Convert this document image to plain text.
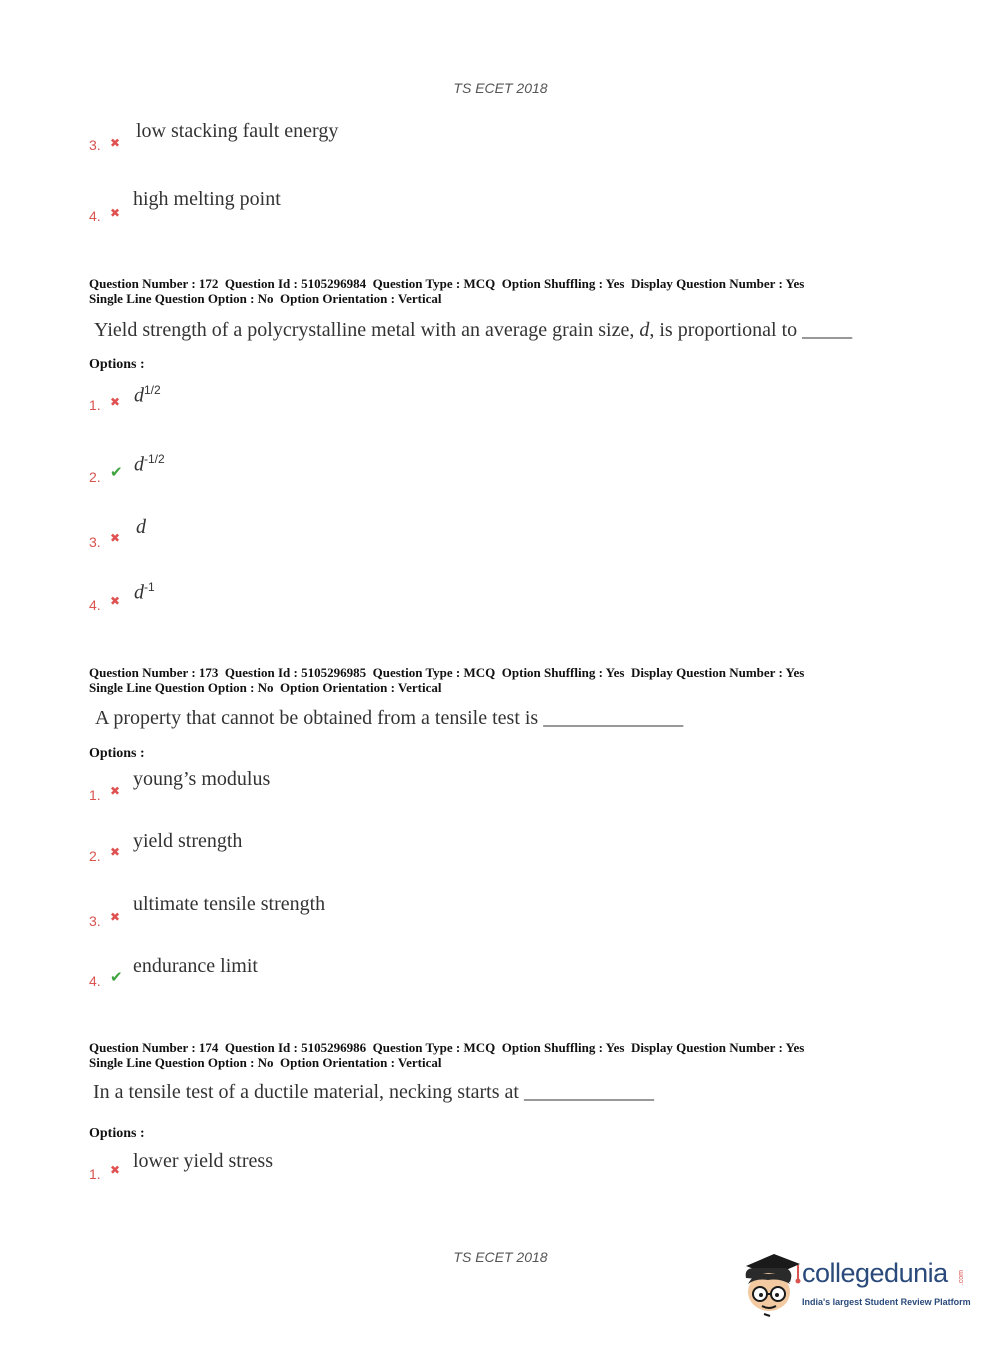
TS ECET 2018
3. ✖
low stacking fault energy
4. ✖
high melting point
Question Number : 172  Question Id : 5105296984  Question Type : MCQ  Option Shuffling : Yes  Display Question Number : Yes
Single Line Question Option : No  Option Orientation : Vertical
Yield strength of a polycrystalline metal with an average grain size, d, is proportional to _____
Options :
1. ✖ $d^{1/2}$
2. ✔ $d^{-1/2}$
3. ✖ d
4. ✖ $d^{-1}$
Question Number : 173  Question Id : 5105296985  Question Type : MCQ  Option Shuffling : Yes  Display Question Number : Yes
Single Line Question Option : No  Option Orientation : Vertical
A property that cannot be obtained from a tensile test is ______________
Options :
1. ✖
young’s modulus
2. ✖ yield strength
3. ✖
ultimate tensile strength
4. ✔ endurance limit
Question Number : 174  Question Id : 5105296986  Question Type : MCQ  Option Shuffling : Yes  Display Question Number : Yes
Single Line Question Option : No  Option Orientation : Vertical
In a tensile test of a ductile material, necking starts at _____________
Options :
1. ✖ lower yield stress
TS ECET 2018
collegedunia .com
India's largest Student Review Platform
